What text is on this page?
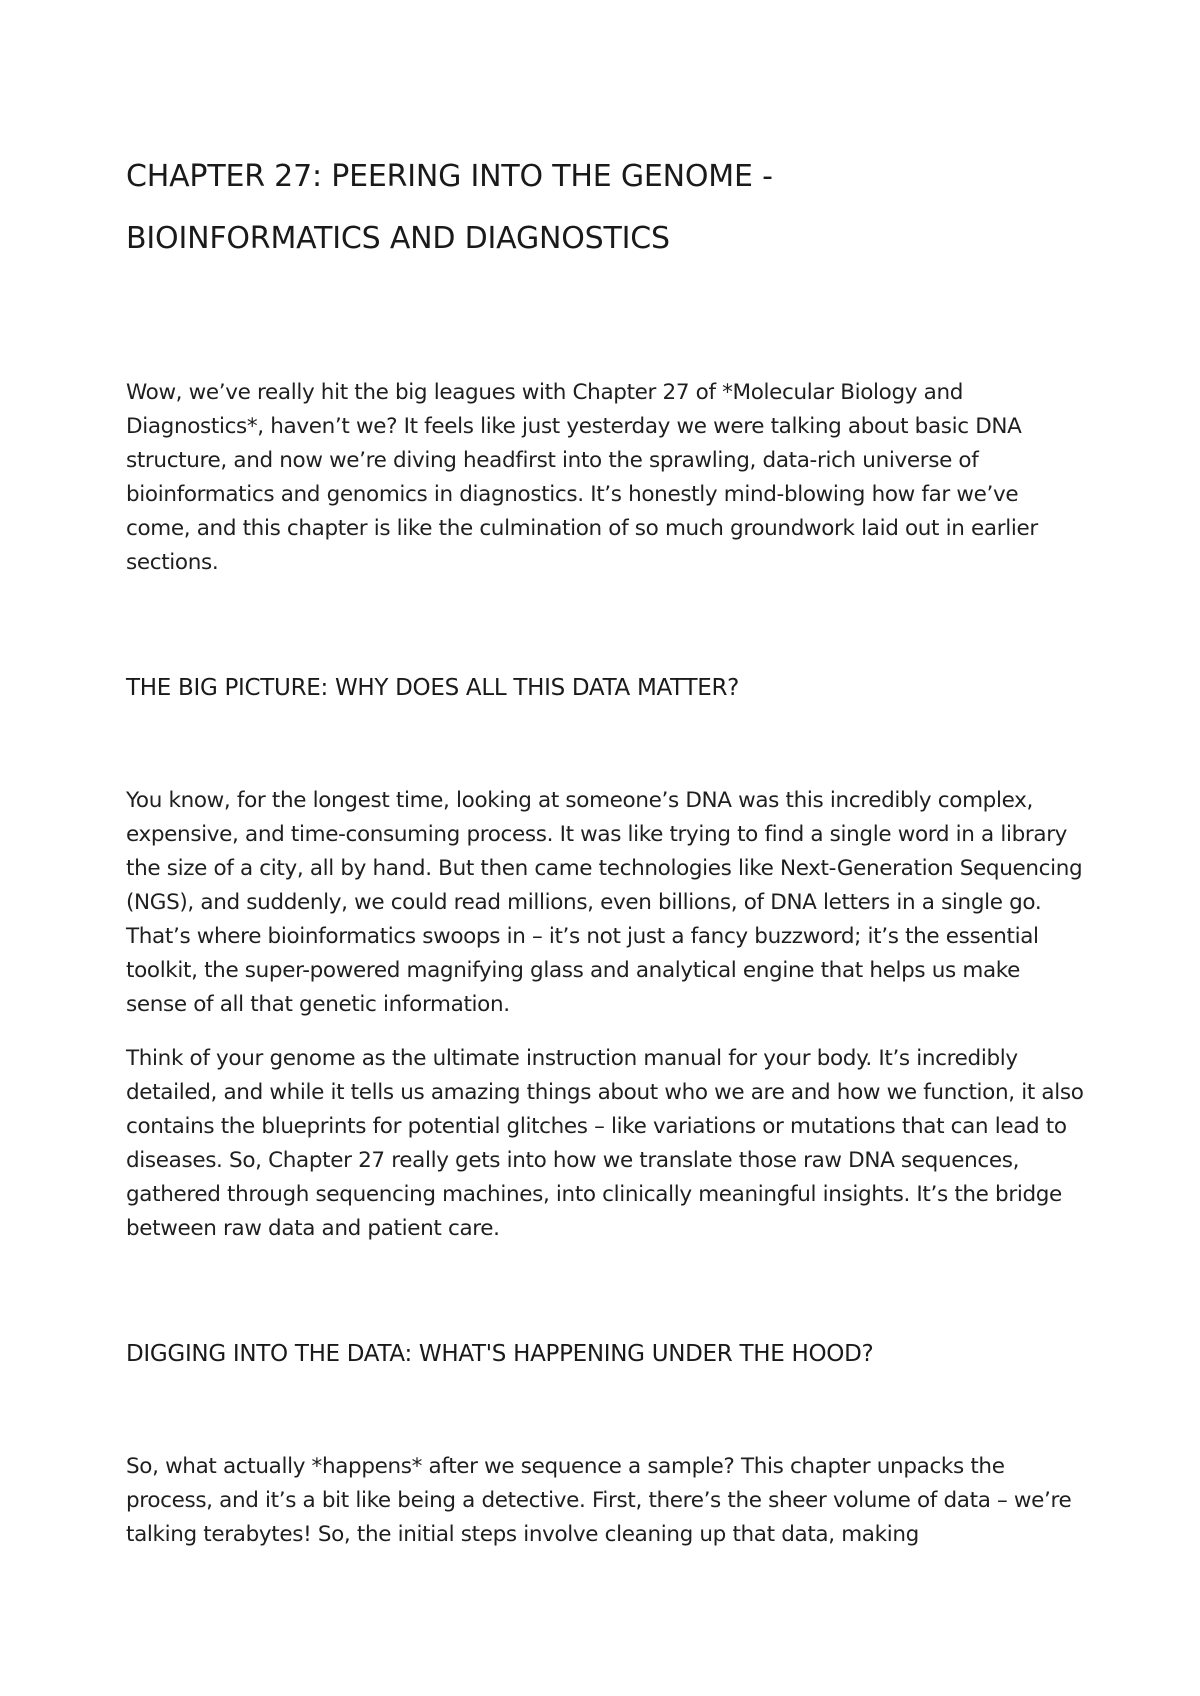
CHAPTER 27: PEERING INTO THE GENOME -
BIOINFORMATICS AND DIAGNOSTICS

Wow, we’ve really hit the big leagues with Chapter 27 of *Molecular Biology and Diagnostics*, haven’t we? It feels like just yesterday we were talking about basic DNA structure, and now we’re diving headfirst into the sprawling, data-rich universe of bioinformatics and genomics in diagnostics. It’s honestly mind-blowing how far we’ve come, and this chapter is like the culmination of so much groundwork laid out in earlier sections.

THE BIG PICTURE: WHY DOES ALL THIS DATA MATTER?

You know, for the longest time, looking at someone’s DNA was this incredibly complex, expensive, and time-consuming process. It was like trying to find a single word in a library the size of a city, all by hand. But then came technologies like Next-Generation Sequencing (NGS), and suddenly, we could read millions, even billions, of DNA letters in a single go. That’s where bioinformatics swoops in – it’s not just a fancy buzzword; it’s the essential toolkit, the super-powered magnifying glass and analytical engine that helps us make sense of all that genetic information.

Think of your genome as the ultimate instruction manual for your body. It’s incredibly detailed, and while it tells us amazing things about who we are and how we function, it also contains the blueprints for potential glitches – like variations or mutations that can lead to diseases. So, Chapter 27 really gets into how we translate those raw DNA sequences, gathered through sequencing machines, into clinically meaningful insights. It’s the bridge between raw data and patient care.

DIGGING INTO THE DATA: WHAT'S HAPPENING UNDER THE HOOD?

So, what actually *happens* after we sequence a sample? This chapter unpacks the process, and it’s a bit like being a detective. First, there’s the sheer volume of data – we’re talking terabytes! So, the initial steps involve cleaning up that data, making
